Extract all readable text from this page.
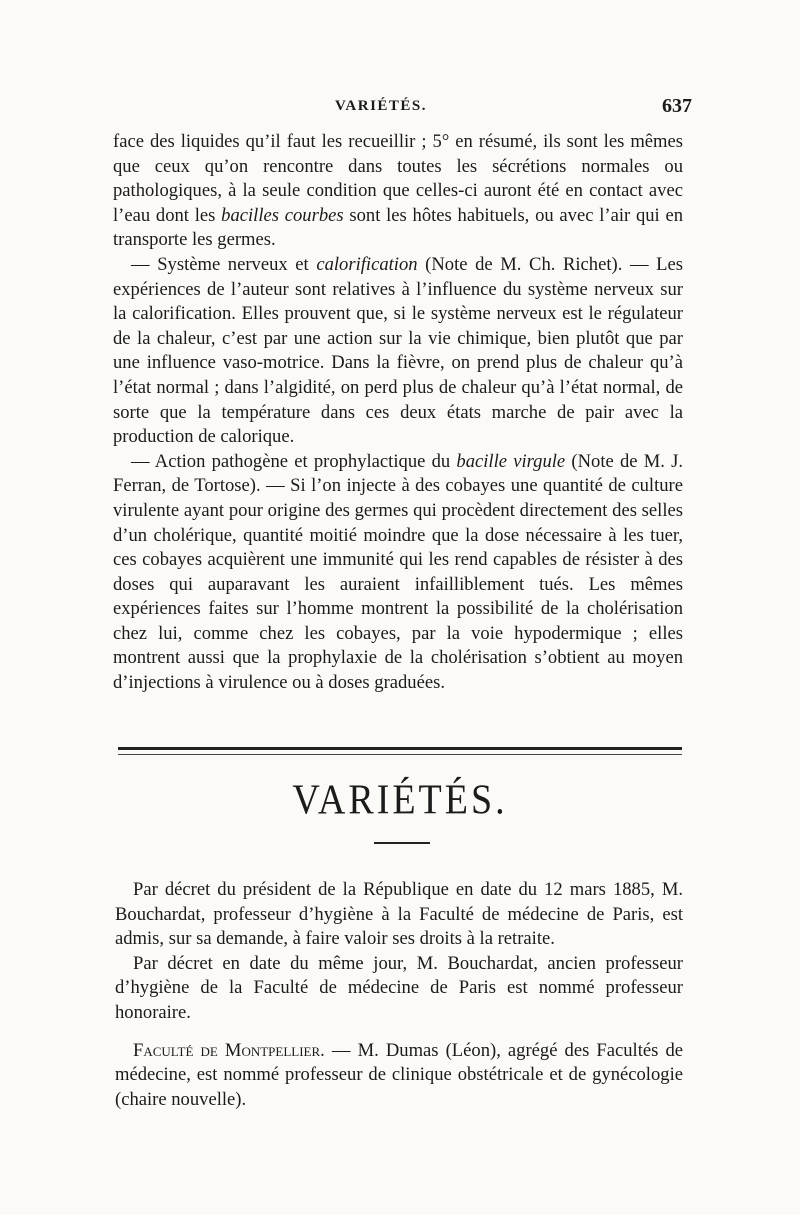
VARIÉTÉS.	637

face des liquides qu’il faut les recueillir ; 5° en résumé, ils sont les mêmes que ceux qu’on rencontre dans toutes les sécrétions normales ou pathologiques, à la seule condition que celles-ci auront été en contact avec l’eau dont les bacilles courbes sont les hôtes habituels, ou avec l’air qui en transporte les germes.

— Système nerveux et calorification (Note de M. Ch. Richet). — Les expériences de l’auteur sont relatives à l’influence du système nerveux sur la calorification. Elles prouvent que, si le système nerveux est le régulateur de la chaleur, c’est par une action sur la vie chimique, bien plutôt que par une influence vaso-motrice. Dans la fièvre, on prend plus de chaleur qu’à l’état normal ; dans l’algidité, on perd plus de chaleur qu’à l’état normal, de sorte que la température dans ces deux états marche de pair avec la production de calorique.

— Action pathogène et prophylactique du bacille virgule (Note de M. J. Ferran, de Tortose). — Si l’on injecte à des cobayes une quantité de culture virulente ayant pour origine des germes qui procèdent directement des selles d’un cholérique, quantité moitié moindre que la dose nécessaire à les tuer, ces cobayes acquièrent une immunité qui les rend capables de résister à des doses qui auparavant les auraient infailliblement tués. Les mêmes expériences faites sur l’homme montrent la possibilité de la cholérisation chez lui, comme chez les cobayes, par la voie hypodermique ; elles montrent aussi que la prophylaxie de la cholérisation s’obtient au moyen d’injections à virulence ou à doses graduées.

VARIÉTÉS.

Par décret du président de la République en date du 12 mars 1885, M. Bouchardat, professeur d’hygiène à la Faculté de médecine de Paris, est admis, sur sa demande, à faire valoir ses droits à la retraite.

Par décret en date du même jour, M. Bouchardat, ancien professeur d’hygiène de la Faculté de médecine de Paris est nommé professeur honoraire.

Faculté de Montpellier. — M. Dumas (Léon), agrégé des Facultés de médecine, est nommé professeur de clinique obstétricale et de gynécologie (chaire nouvelle).
